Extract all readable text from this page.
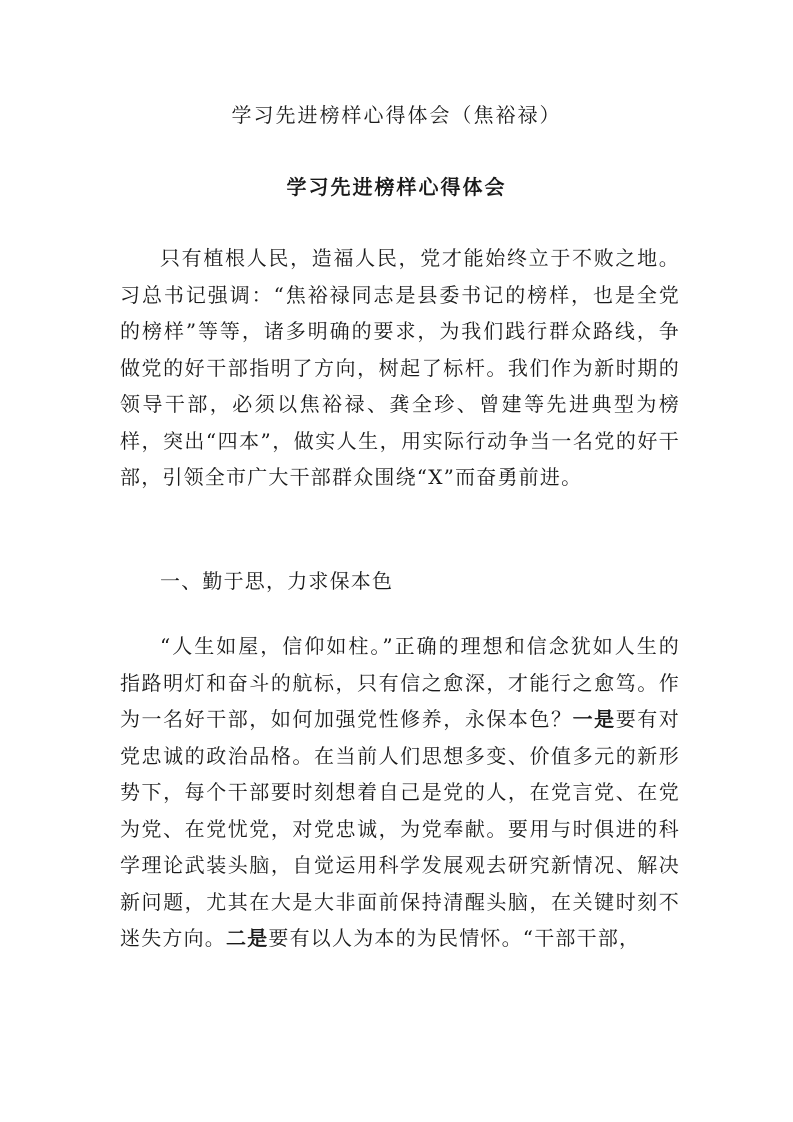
学习先进榜样心得体会（焦裕禄）
学习先进榜样心得体会

只有植根人民，造福人民，党才能始终立于不败之地。习总书记强调：“焦裕禄同志是县委书记的榜样，也是全党的榜样”等等，诸多明确的要求，为我们践行群众路线，争做党的好干部指明了方向，树起了标杆。我们作为新时期的领导干部，必须以焦裕禄、龚全珍、曾建等先进典型为榜样，突出“四本”，做实人生，用实际行动争当一名党的好干部，引领全市广大干部群众围绕“X”而奋勇前进。

一、勤于思，力求保本色

“人生如屋，信仰如柱。”正确的理想和信念犹如人生的指路明灯和奋斗的航标，只有信之愈深，才能行之愈笃。作为一名好干部，如何加强党性修养，永保本色？一是要有对党忠诚的政治品格。在当前人们思想多变、价值多元的新形势下，每个干部要时刻想着自己是党的人，在党言党、在党为党、在党忧党，对党忠诚，为党奉献。要用与时俱进的科学理论武装头脑，自觉运用科学发展观去研究新情况、解决新问题，尤其在大是大非面前保持清醒头脑，在关键时刻不迷失方向。二是要有以人为本的为民情怀。“干部干部，
